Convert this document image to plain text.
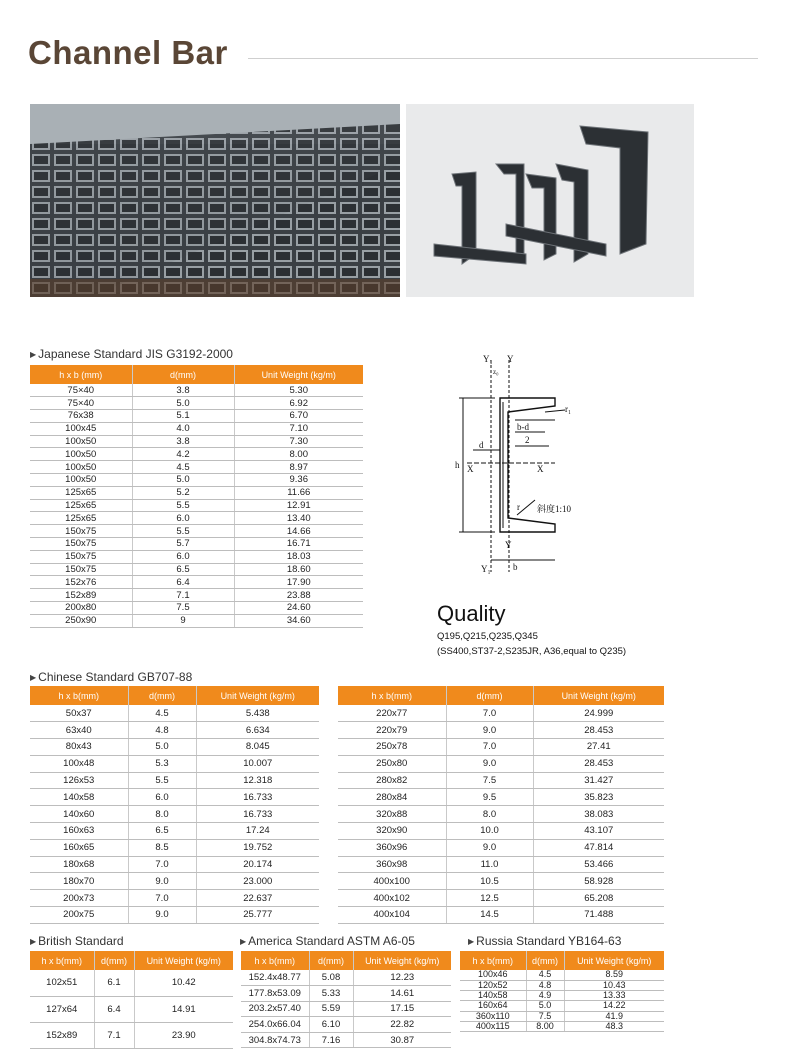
Channel Bar
▶ Japanese Standard JIS G3192-2000
h x b (mm)	d(mm)	Unit Weight (kg/m)
75×40	3.8	5.30
75×40	5.0	6.92
76x38	5.1	6.70
100x45	4.0	7.10
100x50	3.8	7.30
100x50	4.2	8.00
100x50	4.5	8.97
100x50	5.0	9.36
125x65	5.2	11.66
125x65	5.5	12.91
125x65	6.0	13.40
150x75	5.5	14.66
150x75	5.7	16.71
150x75	6.0	18.03
150x75	6.5	18.60
152x76	6.4	17.90
152x89	7.1	23.88
200x80	7.5	24.60
250x90	9	34.60
Y₁ Y
z₀
r₁
b-d
2
h
d
X	X
r 斜度1:10
Y
Y₁ b
Quality
Q195,Q215,Q235,Q345
(SS400,ST37-2,S235JR, A36,equal to Q235)
▶ Chinese Standard GB707-88
h x b(mm)	d(mm)	Unit Weight (kg/m)
50x37	4.5	5.438
63x40	4.8	6.634
80x43	5.0	8.045
100x48	5.3	10.007
126x53	5.5	12.318
140x58	6.0	16.733
140x60	8.0	16.733
160x63	6.5	17.24
160x65	8.5	19.752
180x68	7.0	20.174
180x70	9.0	23.000
200x73	7.0	22.637
200x75	9.0	25.777
h x b(mm)	d(mm)	Unit Weight (kg/m)
220x77	7.0	24.999
220x79	9.0	28.453
250x78	7.0	27.41
250x80	9.0	28.453
280x82	7.5	31.427
280x84	9.5	35.823
320x88	8.0	38.083
320x90	10.0	43.107
360x96	9.0	47.814
360x98	11.0	53.466
400x100	10.5	58.928
400x102	12.5	65.208
400x104	14.5	71.488
▶ British Standard
h x b(mm)	d(mm)	Unit Weight (kg/m)
102x51	6.1	10.42
127x64	6.4	14.91
152x89	7.1	23.90
▶ America Standard ASTM A6-05
h x b(mm)	d(mm)	Unit Weight (kg/m)
152.4x48.77	5.08	12.23
177.8x53.09	5.33	14.61
203.2x57.40	5.59	17.15
254.0x66.04	6.10	22.82
304.8x74.73	7.16	30.87
▶ Russia Standard YB164-63
h x b(mm)	d(mm)	Unit Weight (kg/m)
100x46	4.5	8.59
120x52	4.8	10.43
140x58	4.9	13.33
160x64	5.0	14.22
360x110	7.5	41.9
400x115	8.00	48.3
